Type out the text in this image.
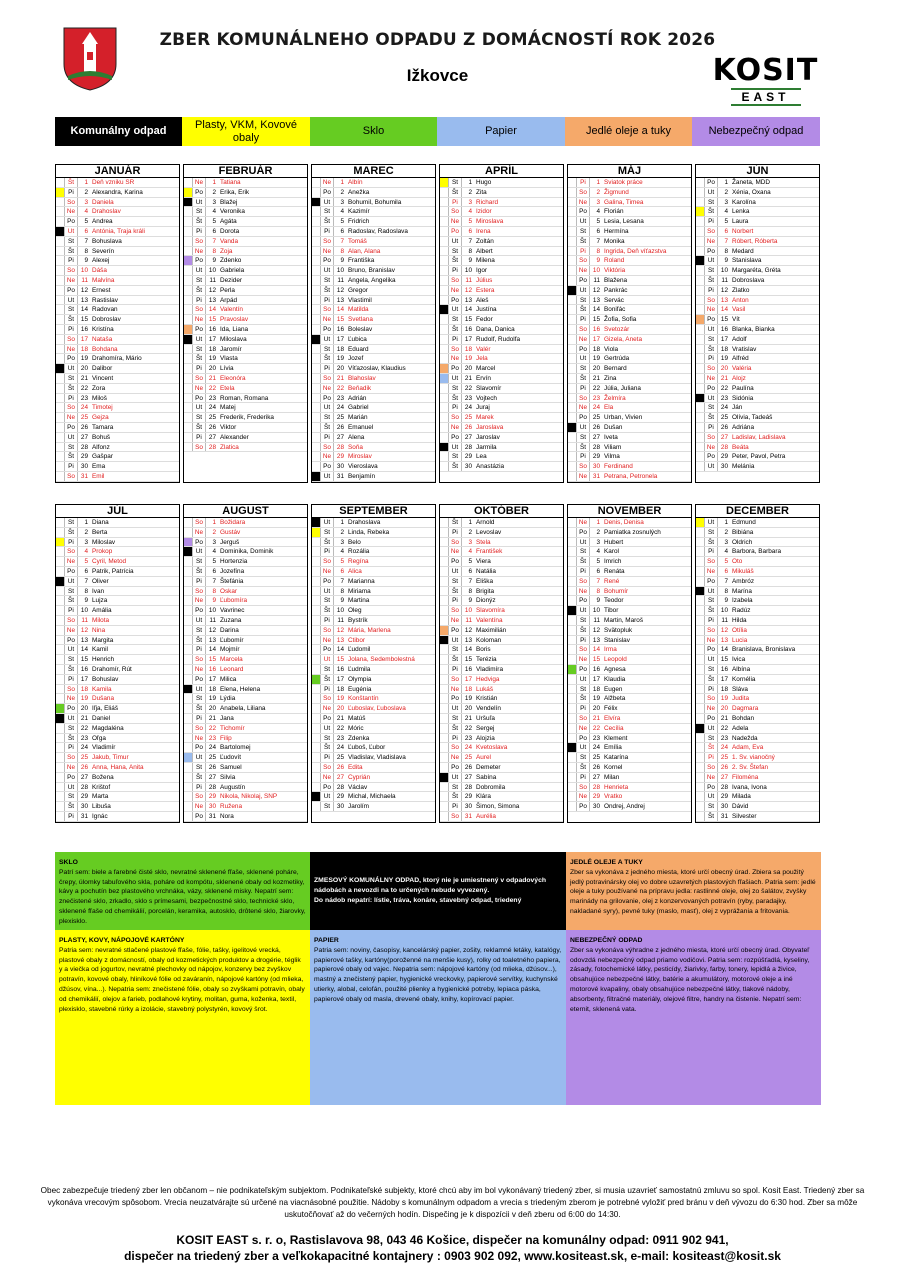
ZBER KOMUNÁLNEHO ODPADU Z DOMÁCNOSTÍ ROK 2026
Ižkovce	KOSIT
EAST
Komunálny odpad
Plasty, VKM, Kovové obaly
Sklo	Papier	Jedlé oleje a tuky	Nebezpečný odpad
JANUÁR
Št	1 Deň vzniku SR
Pi	2 Alexandra, Karina
So	3 Daniela
Ne	4 Drahoslav
Po	5 Andrea
Ut	6 Antónia, Traja králi
St	7 Bohuslava
Št	8 Severín
Pi	9 Alexej
So 10 Dáša
Ne 11 Malvína
Po 12 Ernest
Ut	13 Rastislav
St	14 Radovan
Št	15 Dobroslav
Pi	16 Kristína
So 17 Nataša
Ne 18 Bohdana
Po 19 Drahomíra, Mário
Ut	20 Dalibor
St	21 Vincent
Št	22 Zora
Pi	23 Miloš
So 24 Timotej
Ne 25 Gejza
Po 26 Tamara
Ut	27 Bohuš
St	28 Alfonz
Št	29 Gašpar
Pi	30 Ema
So 31 Emil
FEBRUÁR
Ne	1 Tatiana
Po	2 Erika, Erik
Ut	3 Blažej
St	4 Veronika
Št	5 Agáta
Pi	6 Dorota
So	7 Vanda
Ne	8 Zoja
Po	9 Zdenko
Ut	10 Gabriela
St	11 Dezider
Št	12 Perla
Pi	13 Arpád
So 14 Valentín
Ne 15 Pravoslav
Po 16 Ida, Liana
Ut	17 Miloslava
St	18 Jaromír
Št	19 Vlasta
Pi	20 Lívia
So 21 Eleonóra
Ne 22 Etela
Po 23 Roman, Romana
Ut	24 Matej
St	25 Frederik, Frederika
Št	26 Viktor
Pi	27 Alexander
So 28 Zlatica
MAREC
Ne	1 Albín
Po	2 Anežka
Ut	3 Bohumil, Bohumila
St	4 Kazimír
Št	5 Fridrich
Pi	6 Radoslav, Radoslava
So	7 Tomáš
Ne	8 Alan, Alana
Po	9 Františka
Ut	10 Bruno, Branislav
St	11 Angela, Angelika
Št	12 Gregor
Pi	13 Vlastimil
So 14 Matilda
Ne 15 Svetlana
Po 16 Boleslav
Ut	17 Ľubica
St	18 Eduard
Št	19 Jozef
Pi	20 Víťazoslav, Klaudius
So 21 Blahoslav
Ne 22 Beňadik
Po 23 Adrián
Ut	24 Gabriel
St	25 Marián
Št	26 Emanuel
Pi	27 Alena
So 28 Soňa
Ne 29 Miroslav
Po 30 Vieroslava
Ut	31 Benjamín
APRÍL
St	1 Hugo
Št	2 Zita
Pi	3 Richard
So	4 Izidor
Ne	5 Miroslava
Po	6 Irena
Ut	7 Zoltán
St	8 Albert
Št	9 Milena
Pi	10 Igor
So	11 Július
Ne 12 Estera
Po 13 Aleš
Ut	14 Justína
St	15 Fedor
Št	16 Dana, Danica
Pi	17 Rudolf, Rudolfa
So 18 Valér
Ne 19 Jela
Po 20 Marcel
Ut	21 Ervín
St	22 Slavomír
Št	23 Vojtech
Pi	24 Juraj
So 25 Marek
Ne 26 Jaroslava
Po 27 Jaroslav
Ut	28 Jarmila
St	29 Lea
Št	30 Anastázia
MÁJ
Pi	1 Sviatok práce
So	2 Žigmund
Ne	3 Galina, Timea
Po	4 Florián
Ut	5 Lesia, Lesana
St	6 Hermína
Št	7 Monika
Pi	8 Ingrida, Deň víťazstva
So	9 Roland
Ne 10 Viktória
Po	11 Blažena
Ut	12 Pankrác
St	13 Servác
Št	14 Bonifác
Pi	15 Žofia, Sofia
So 16 Svetozár
Ne 17 Gizela, Aneta
Po 18 Viola
Ut	19 Gertrúda
St	20 Bernard
Št	21 Zina
Pi	22 Júlia, Juliana
So 23 Želmíra
Ne 24 Ela
Po 25 Urban, Vivien
Ut	26 Dušan
St	27 Iveta
Št	28 Viliam
Pi	29 Vilma
So 30 Ferdinand
Ne 31 Petrana, Petronela
JÚN
Po	1 Žaneta, MDD
Ut	2 Xénia, Oxana
St	3 Karolína
Št	4 Lenka
Pi	5 Laura
So	6 Norbert
Ne	7 Róbert, Róberta
Po	8 Medard
Ut	9 Stanislava
St	10 Margaréta, Gréta
Št	11 Dobroslava
Pi	12 Zlatko
So 13 Anton
Ne 14 Vasil
Po 15 Vít
Ut	16 Blanka, Bianka
St	17 Adolf
Št	18 Vratislav
Pi	19 Alfréd
So 20 Valéria
Ne 21 Alojz
Po 22 Paulína
Ut	23 Sidónia
St	24 Ján
Št	25 Olívia, Tadeáš
Pi	26 Adriána
So 27 Ladislav, Ladislava
Ne 28 Beáta
Po 29 Peter, Pavol, Petra
Ut	30 Melánia
JÚL
St	1 Diana
Št	2 Berta
Pi	3 Miloslav
So	4 Prokop
Ne	5 Cyril, Metod
Po	6 Patrik, Patrícia
Ut	7 Oliver
St	8 Ivan
Št	9 Lujza
Pi	10 Amália
So	11 Milota
Ne 12 Nina
Po 13 Margita
Ut	14 Kamil
St	15 Henrich
Št	16 Drahomír, Rút
Pi	17 Bohuslav
So 18 Kamila
Ne 19 Dušana
Po 20 Iľja, Eliáš
Ut	21 Daniel
St	22 Magdaléna
Št	23 Oľga
Pi	24 Vladimír
So 25 Jakub, Timur
Ne 26 Anna, Hana, Anita
Po 27 Božena
Ut	28 Krištof
St	29 Marta
Št	30 Libuša
Pi	31 Ignác
AUGUST
So	1 Božidara
Ne	2 Gustáv
Po	3 Jerguš
Ut	4 Dominika, Dominik
St	5 Hortenzia
Št	6 Jozefína
Pi	7 Štefánia
So	8 Oskar
Ne	9 Ľubomíra
Po 10 Vavrinec
Ut	11 Zuzana
St	12 Darina
Št	13 Ľubomír
Pi	14 Mojmír
So 15 Marcela
Ne 16 Leonard
Po 17 Milica
Ut	18 Elena, Helena
St	19 Lýdia
Št	20 Anabela, Liliana
Pi	21 Jana
So 22 Tichomír
Ne 23 Filip
Po 24 Bartolomej
Ut	25 Ľudovít
St	26 Samuel
Št	27 Silvia
Pi	28 Augustín
So 29 Nikola, Nikolaj, SNP
Ne 30 Ružena
Po 31 Nora
SEPTEMBER
Ut	1 Drahoslava
St	2 Linda, Rebeka
Št	3 Belo
Pi	4 Rozália
So	5 Regína
Ne	6 Alica
Po	7 Marianna
Ut	8 Miriama
St	9 Martina
Št	10 Oleg
Pi	11 Bystrík
So 12 Mária, Marlena
Ne 13 Ctibor
Po 14 Ľudomil
Ut	15 Jolana, Sedembolestná
St	16 Ľudmila
Št	17 Olympia
Pi	18 Eugénia
So 19 Konštantín
Ne 20 Ľuboslav, Ľuboslava
Po 21 Matúš
Ut	22 Móric
St	23 Zdenka
Št	24 Ľuboš, Ľubor
Pi	25 Vladislav, Vladislava
So 26 Edita
Ne 27 Cyprián
Po 28 Václav
Ut	29 Michal, Michaela
St	30 Jarolím
OKTÓBER
Št	1 Arnold
Pi	2 Levoslav
So	3 Stela
Ne	4 František
Po	5 Viera
Ut	6 Natália
St	7 Eliška
Št	8 Brigita
Pi	9 Dionýz
So 10 Slavomíra
Ne 11 Valentína
Po 12 Maximilián
Ut	13 Koloman
St	14 Boris
Št	15 Terézia
Pi	16 Vladimíra
So 17 Hedviga
Ne 18 Lukáš
Po 19 Kristián
Ut	20 Vendelín
St	21 Uršuľa
Št	22 Sergej
Pi	23 Alojzia
So 24 Kvetoslava
Ne 25 Aurel
Po 26 Demeter
Ut	27 Sabína
St	28 Dobromila
Št	29 Klára
Pi	30 Šimon, Simona
So 31 Aurélia
NOVEMBER
Ne	1 Denis, Denisa
Po	2 Pamiatka zosnulých
Ut	3 Hubert
St	4 Karol
Št	5 Imrich
Pi	6 Renáta
So	7 René
Ne	8 Bohumír
Po	9 Teodor
Ut	10 Tibor
St	11 Martin, Maroš
Št	12 Svätopluk
Pi	13 Stanislav
So 14 Irma
Ne 15 Leopold
Po 16 Agnesa
Ut	17 Klaudia
St	18 Eugen
Št	19 Alžbeta
Pi	20 Félix
So 21 Elvíra
Ne 22 Cecília
Po 23 Klement
Ut	24 Emília
St	25 Katarína
Št	26 Kornel
Pi	27 Milan
So 28 Henrieta
Ne 29 Vratko
Po 30 Ondrej, Andrej
DECEMBER
Ut	1 Edmund
St	2 Bibiána
Št	3 Oldrich
Pi	4 Barbora, Barbara
So	5 Oto
Ne	6 Mikuláš
Po	7 Ambróz
Ut	8 Marína
St	9 Izabela
Št	10 Radúz
Pi	11 Hilda
So 12 Otília
Ne 13 Lucia
Po 14 Branislava, Bronislava
Ut	15 Ivica
St	16 Albína
Št	17 Kornélia
Pi	18 Sláva
So 19 Judita
Ne 20 Dagmara
Po 21 Bohdan
Ut	22 Adela
St	23 Nadežda
Št	24 Adam, Eva
Pi	25 1. Sv. vianočný
So 26 2. Sv. Štefan
Ne 27 Filoména
Po 28 Ivana, Ivona
Ut	29 Milada
St	30 Dávid
Št	31 Silvester
ZMESOVÝ KOMUNÁLNY ODPAD, ktorý nie je umiestnený v odpadových nádobách a nevozdi na to určených nebude vyvezený.
Do nádob nepatrí: lístie, tráva, konáre, stavebný odpad, triedený
SKLO
Patrí sem: biele a farebné čisté sklo, nevratné sklenené fľaše, sklenené poháre, črepy, úlomky tabuľového skla, poháre od kompótu, sklenené obaly od kozmetiky, kávy a pochutín bez plastového vrchnáka, vázy, sklenené misky. Nepatrí sem: znečistené sklo, zrkadlo, sklo s prímesami, bezpečnostné sklo, technické sklo, sklenené fľaše od chemikálií, porcelán, keramika, autosklo, drôtené sklo, žiarovky, plexisklo.
JEDLÉ OLEJE A TUKY
Zber sa vykonáva z jedného miesta, ktoré určí obecný úrad. Zbiera sa použitý jedlý potravinársky olej vo dobre uzavretých plastových fľašiach. Patria sem: jedlé oleje a tuky používané na prípravu jedla: rastlinné oleje, olej zo šalátov, zvyšky marinády na grilovanie, olej z konzervovaných potravín (ryby, paradajky, nakladané syry), pevné tuky (maslo, masť), olej z vyprážania a fritovania.
PLASTY, KOVY, NÁPOJOVÉ KARTÓNY
Patria sem: nevratné stlačené plastové fľaše, fólie, tašky, igelitové vrecká, plastové obaly z domácností, obaly od kozmetických produktov a drogérie, téglik y a viečka od jogurtov, nevratné plechovky od nápojov, konzervy bez zvyškov potravín, kovové obaly, hliníkové fólie od zaváranín, nápojové kartóny (od mlieka, džúsov, vína...). Nepatria sem: znečistené fólie, obaly so zvyškami potravín, obaly od chemikálií, olejov a farieb, podlahové krytiny, molitan, guma, koženka, textil, plexisklo, stavebné rúrky a izolácie, stavebný polystyrén, kovový šrot.
PAPIER
Patria sem: noviny, časopisy, kancelárský papier, zošity, reklamné letáky, katalógy, papierové tašky, kartóny(poroženné na menšie kusy), rolky od toaletného papiera, papierové obaly od vajec. Nepatria sem: nápojové kartóny (od mlieka, džúsov...), mastný a znečistený papier, hygienické vreckovky, papierové servítky, kuchynské utierky, alobal, celofán, použité plienky a hygienické potreby, lepiaca páska, papierové obaly od masla, drevené obaly, knihy, kopírovací papier.
NEBEZPEČNÝ ODPAD
Zber sa vykonáva výhradne z jedného miesta, ktoré určí obecný úrad. Obyvateľ odovzdá nebezpečný odpad priamo vodičovi. Patria sem: rozpúšťadlá, kyseliny, zásady, fotochemické látky, pesticídy, žiarivky, farby, tonery, lepidlá a živice, obsahujúce nebezpečné látky, batérie a akumulátory, motorové oleje a iné motorové kvapaliny, obaly obsahujúce nebezpečné látky, tlakové nádoby, absorbenty, filtračné materiály, olejové filtre, handry na čistenie. Nepatrí sem: eternit, sklenená vata.
Obec zabezpečuje triedený zber len občanom – nie podnikateľským subjektom. Podnikateľské subjekty, ktoré chcú aby im bol vykonávaný triedený zber, si musia uzavrieť samostatnú zmluvu so spol. Kosit East. Triedený zber sa vykonáva vrecovým spôsobom. Vrecia neuzatvárajte sú určené na viacnásobné použitie. Nádoby s komunálnym odpadom a vrecia s triedeným zberom je potrebné vyložiť pred bránu v deň vývozu do 6:30 hod. Zber sa môže uskutočňovať až do večerných hodín. Dispečing je k dispozícii v deň zberu od 6:00 do 14:30.
KOSIT EAST s. r. o, Rastislavova 98, 043 46 Košice, dispečer na komunálny odpad: 0911 902 941,
dispečer na triedený zber a veľkokapacitné kontajnery : 0903 902 092, www.kositeast.sk, e-mail: kositeast@kosit.sk
